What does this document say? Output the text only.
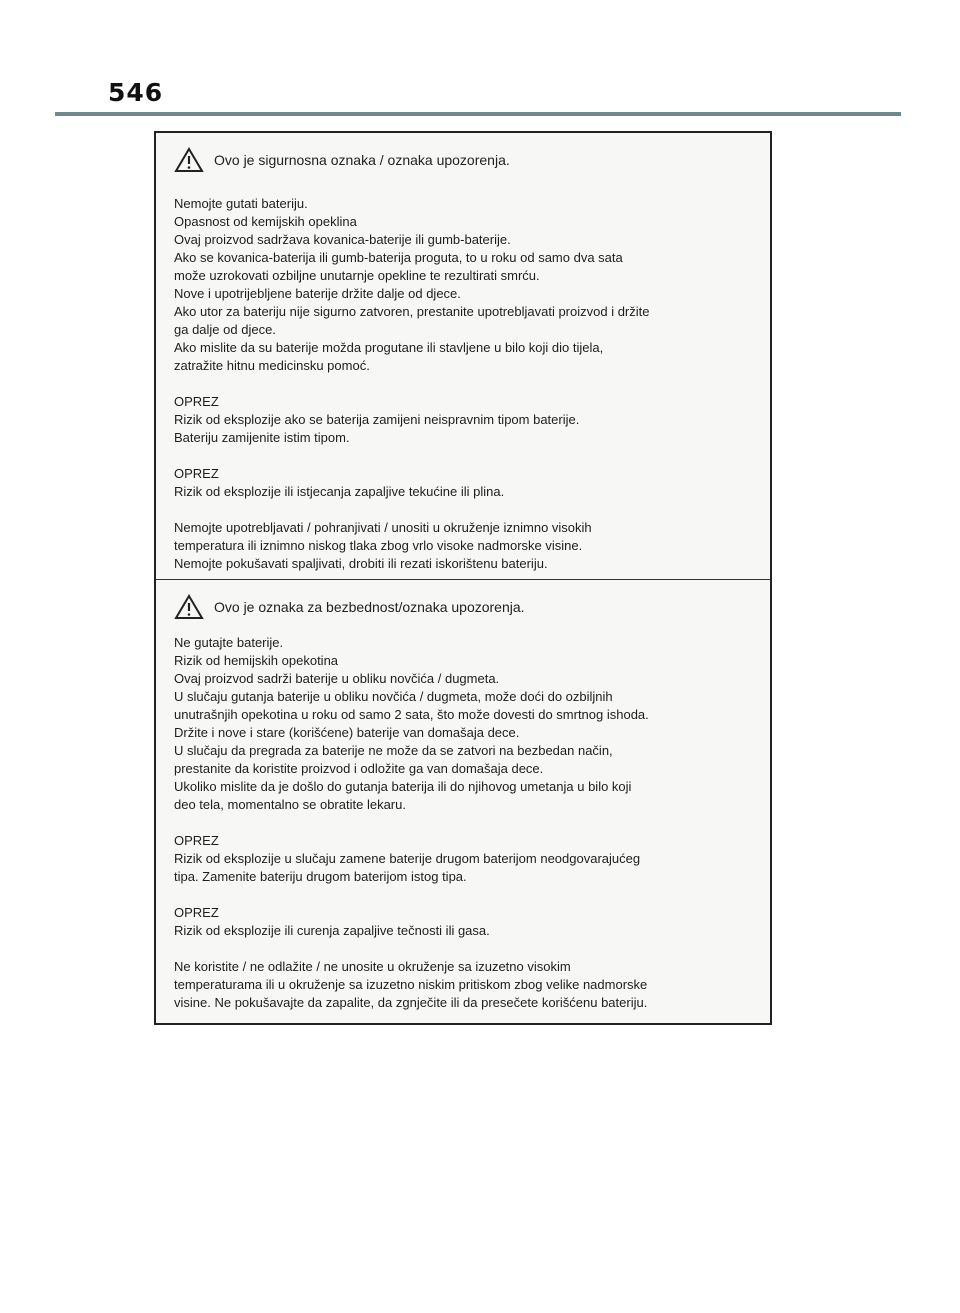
546
Ovo je sigurnosna oznaka / oznaka upozorenja.

Nemojte gutati bateriju.
Opasnost od kemijskih opeklina
Ovaj proizvod sadržava kovanica-baterije ili gumb-baterije.
Ako se kovanica-baterija ili gumb-baterija proguta, to u roku od samo dva sata
može uzrokovati ozbiljne unutarnje opekline te rezultirati smrću.
Nove i upotrijebljene baterije držite dalje od djece.
Ako utor za bateriju nije sigurno zatvoren, prestanite upotrebljavati proizvod i držite
ga dalje od djece.
Ako mislite da su baterije možda progutane ili stavljene u bilo koji dio tijela,
zatražite hitnu medicinsku pomoć.

OPREZ
Rizik od eksplozije ako se baterija zamijeni neispravnim tipom baterije.
Bateriju zamijenite istim tipom.

OPREZ
Rizik od eksplozije ili istjecanja zapaljive tekućine ili plina.

Nemojte upotrebljavati / pohranjivati / unositi u okruženje iznimno visokih
temperatura ili iznimno niskog tlaka zbog vrlo visoke nadmorske visine.
Nemojte pokušavati spaljivati, drobiti ili rezati iskorištenu bateriju.

Ovo je oznaka za bezbednost/oznaka upozorenja.

Ne gutajte baterije.
Rizik od hemijskih opekotina
Ovaj proizvod sadrži baterije u obliku novčića / dugmeta.
U slučaju gutanja baterije u obliku novčića / dugmeta, može doći do ozbiljnih
unutrašnjih opekotina u roku od samo 2 sata, što može dovesti do smrtnog ishoda.
Držite i nove i stare (korišćene) baterije van domašaja dece.
U slučaju da pregrada za baterije ne može da se zatvori na bezbedan način,
prestanite da koristite proizvod i odložite ga van domašaja dece.
Ukoliko mislite da je došlo do gutanja baterija ili do njihovog umetanja u bilo koji
deo tela, momentalno se obratite lekaru.

OPREZ
Rizik od eksplozije u slučaju zamene baterije drugom baterijom neodgovarajućeg
tipa. Zamenite bateriju drugom baterijom istog tipa.

OPREZ
Rizik od eksplozije ili curenja zapaljive tečnosti ili gasa.

Ne koristite / ne odlažite / ne unosite u okruženje sa izuzetno visokim
temperaturama ili u okruženje sa izuzetno niskim pritiskom zbog velike nadmorske
visine. Ne pokušavajte da zapalite, da zgnječite ili da presečete korišćenu bateriju.
